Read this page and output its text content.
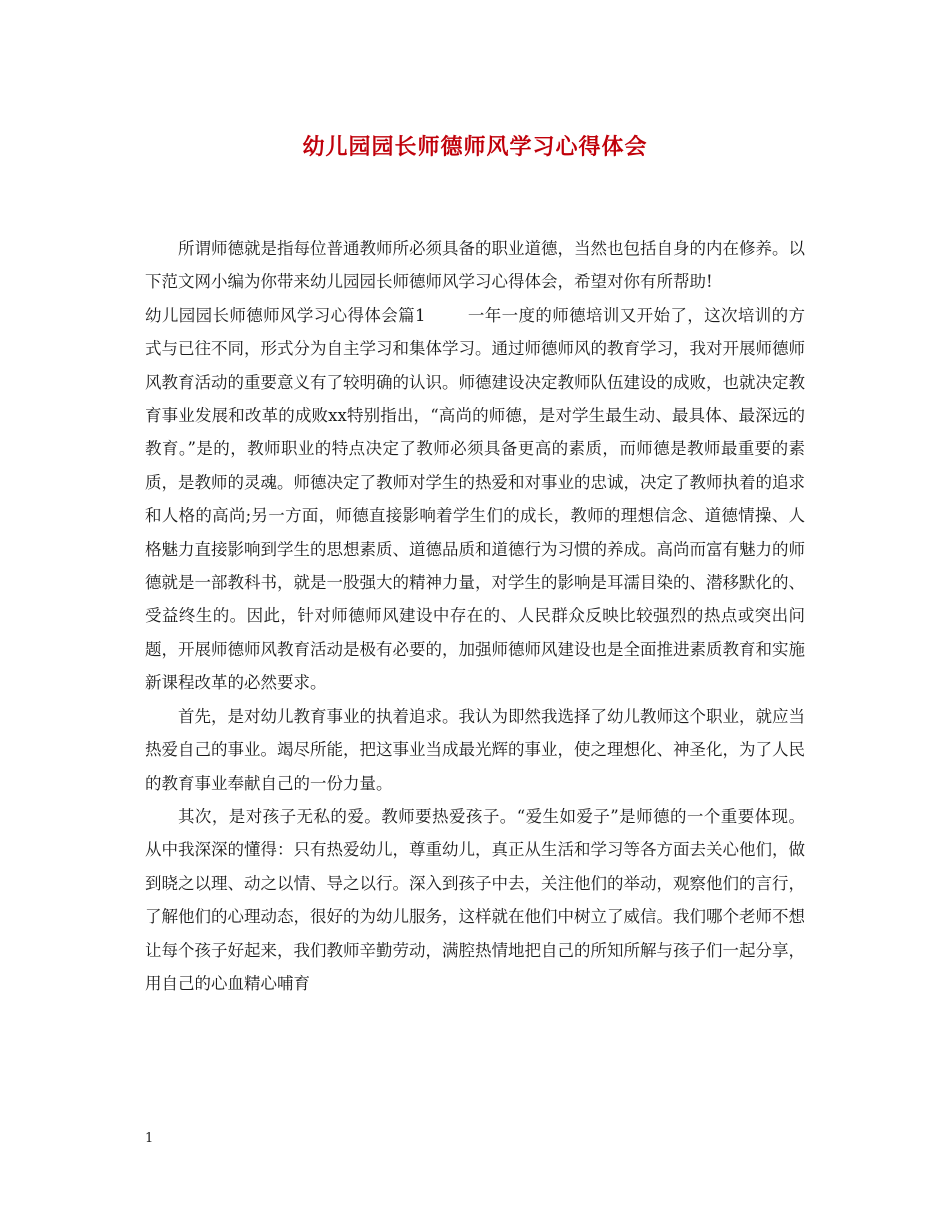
幼儿园园长师德师风学习心得体会

所谓师德就是指每位普通教师所必须具备的职业道德，当然也包括自身的内在修养。以下范文网小编为你带来幼儿园园长师德师风学习心得体会，希望对你有所帮助!

幼儿园园长师德师风学习心得体会篇1	一年一度的师德培训又开始了，这次培训的方式与已往不同，形式分为自主学习和集体学习。通过师德师风的教育学习，我对开展师德师风教育活动的重要意义有了较明确的认识。师德建设决定教师队伍建设的成败，也就决定教育事业发展和改革的成败xx特别指出，“高尚的师德，是对学生最生动、最具体、最深远的教育。”是的，教师职业的特点决定了教师必须具备更高的素质，而师德是教师最重要的素质，是教师的灵魂。师德决定了教师对学生的热爱和对事业的忠诚，决定了教师执着的追求和人格的高尚;另一方面，师德直接影响着学生们的成长，教师的理想信念、道德情操、人格魅力直接影响到学生的思想素质、道德品质和道德行为习惯的养成。高尚而富有魅力的师德就是一部教科书，就是一股强大的精神力量，对学生的影响是耳濡目染的、潜移默化的、受益终生的。因此，针对师德师风建设中存在的、人民群众反映比较强烈的热点或突出问题，开展师德师风教育活动是极有必要的，加强师德师风建设也是全面推进素质教育和实施新课程改革的必然要求。

首先，是对幼儿教育事业的执着追求。我认为即然我选择了幼儿教师这个职业，就应当热爱自己的事业。竭尽所能，把这事业当成最光辉的事业，使之理想化、神圣化，为了人民的教育事业奉献自己的一份力量。

其次，是对孩子无私的爱。教师要热爱孩子。“爱生如爱子”是师德的一个重要体现。从中我深深的懂得：只有热爱幼儿，尊重幼儿，真正从生活和学习等各方面去关心他们，做到晓之以理、动之以情、导之以行。深入到孩子中去，关注他们的举动，观察他们的言行，了解他们的心理动态，很好的为幼儿服务，这样就在他们中树立了威信。我们哪个老师不想让每个孩子好起来，我们教师辛勤劳动，满腔热情地把自己的所知所解与孩子们一起分享，用自己的心血精心哺育

1
